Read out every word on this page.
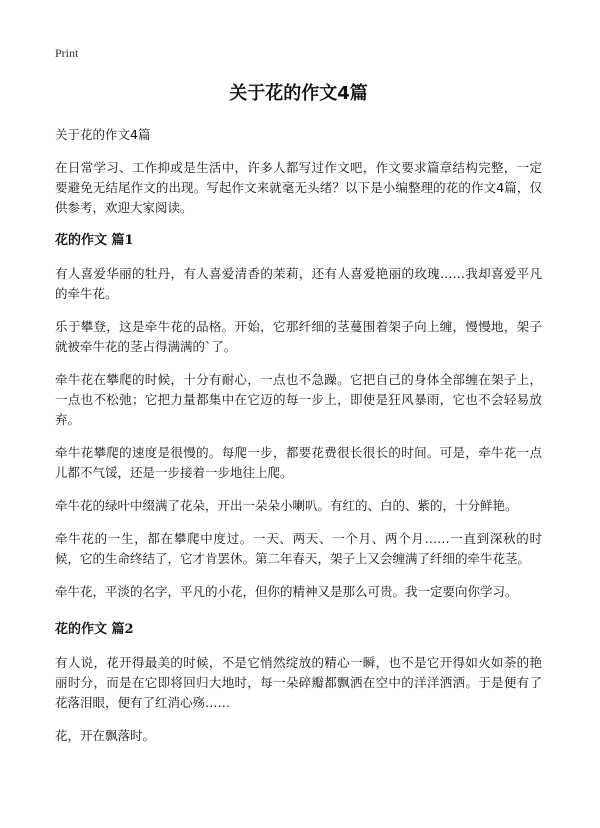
Print
关于花的作文4篇
关于花的作文4篇

在日常学习、工作抑或是生活中，许多人都写过作文吧，作文要求篇章结构完整，一定要避免无结尾作文的出现。写起作文来就毫无头绪？以下是小编整理的花的作文4篇，仅供参考，欢迎大家阅读。

花的作文 篇1

有人喜爱华丽的牡丹，有人喜爱清香的茉莉，还有人喜爱艳丽的玫瑰……我却喜爱平凡的牵牛花。

乐于攀登，这是牵牛花的品格。开始，它那纤细的茎蔓围着架子向上缠，慢慢地，架子就被牵牛花的茎占得满满的`了。

牵牛花在攀爬的时候，十分有耐心，一点也不急躁。它把自己的身体全部缠在架子上，一点也不松弛；它把力量都集中在它迈的每一步上，即使是狂风暴雨，它也不会轻易放弃。

牵牛花攀爬的速度是很慢的。每爬一步，都要花费很长很长的时间。可是，牵牛花一点儿都不气馁，还是一步接着一步地往上爬。

牵牛花的绿叶中缀满了花朵，开出一朵朵小喇叭。有红的、白的、紫的，十分鲜艳。

牵牛花的一生，都在攀爬中度过。一天、两天、一个月、两个月……一直到深秋的时候，它的生命终结了，它才肯罢休。第二年春天，架子上又会缠满了纤细的牵牛花茎。

牵牛花，平淡的名字，平凡的小花，但你的精神又是那么可贵。我一定要向你学习。

花的作文 篇2

有人说，花开得最美的时候，不是它悄然绽放的精心一瞬，也不是它开得如火如荼的艳丽时分，而是在它即将回归大地时，每一朵碎瓣都飘洒在空中的洋洋洒洒。于是便有了花落泪眼，便有了红消心殇……

花，开在飘落时。
